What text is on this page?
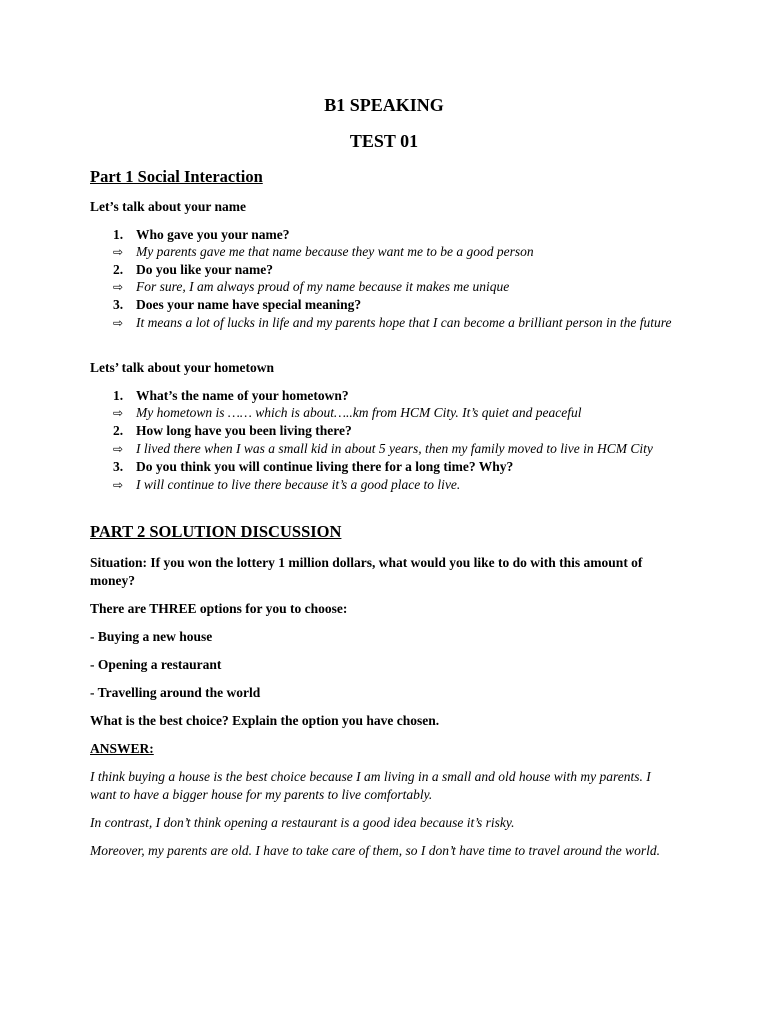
B1 SPEAKING
TEST 01
Part 1 Social Interaction
Let’s talk about your name
1. Who gave you your name?
⇨ My parents gave me that name because they want me to be a good person
2. Do you like your name?
⇨ For sure, I am always proud of my name because it makes me unique
3. Does your name have special meaning?
⇨ It means a lot of lucks in life and my parents hope that I can become a brilliant person in the future
Lets’ talk about your hometown
1. What’s the name of your hometown?
⇨ My hometown is …… which is about…..km from HCM City. It’s quiet and peaceful
2. How long have you been living there?
⇨ I lived there when I was a small kid in about 5 years, then my family moved to live in HCM City
3. Do you think you will continue living there for a long time? Why?
⇨ I will continue to live there because it’s a good place to live.
PART 2 SOLUTION DISCUSSION
Situation: If you won the lottery 1 million dollars, what would you like to do with this amount of money?
There are THREE options for you to choose:
- Buying a new house
- Opening a restaurant
- Travelling around the world
What is the best choice? Explain the option you have chosen.
ANSWER:
I think buying a house is the best choice because I am living in a small and old house with my parents. I want to have a bigger house for my parents to live comfortably.
In contrast, I don’t think opening a restaurant is a good idea because it’s risky.
Moreover, my parents are old. I have to take care of them, so I don’t have time to travel around the world.
